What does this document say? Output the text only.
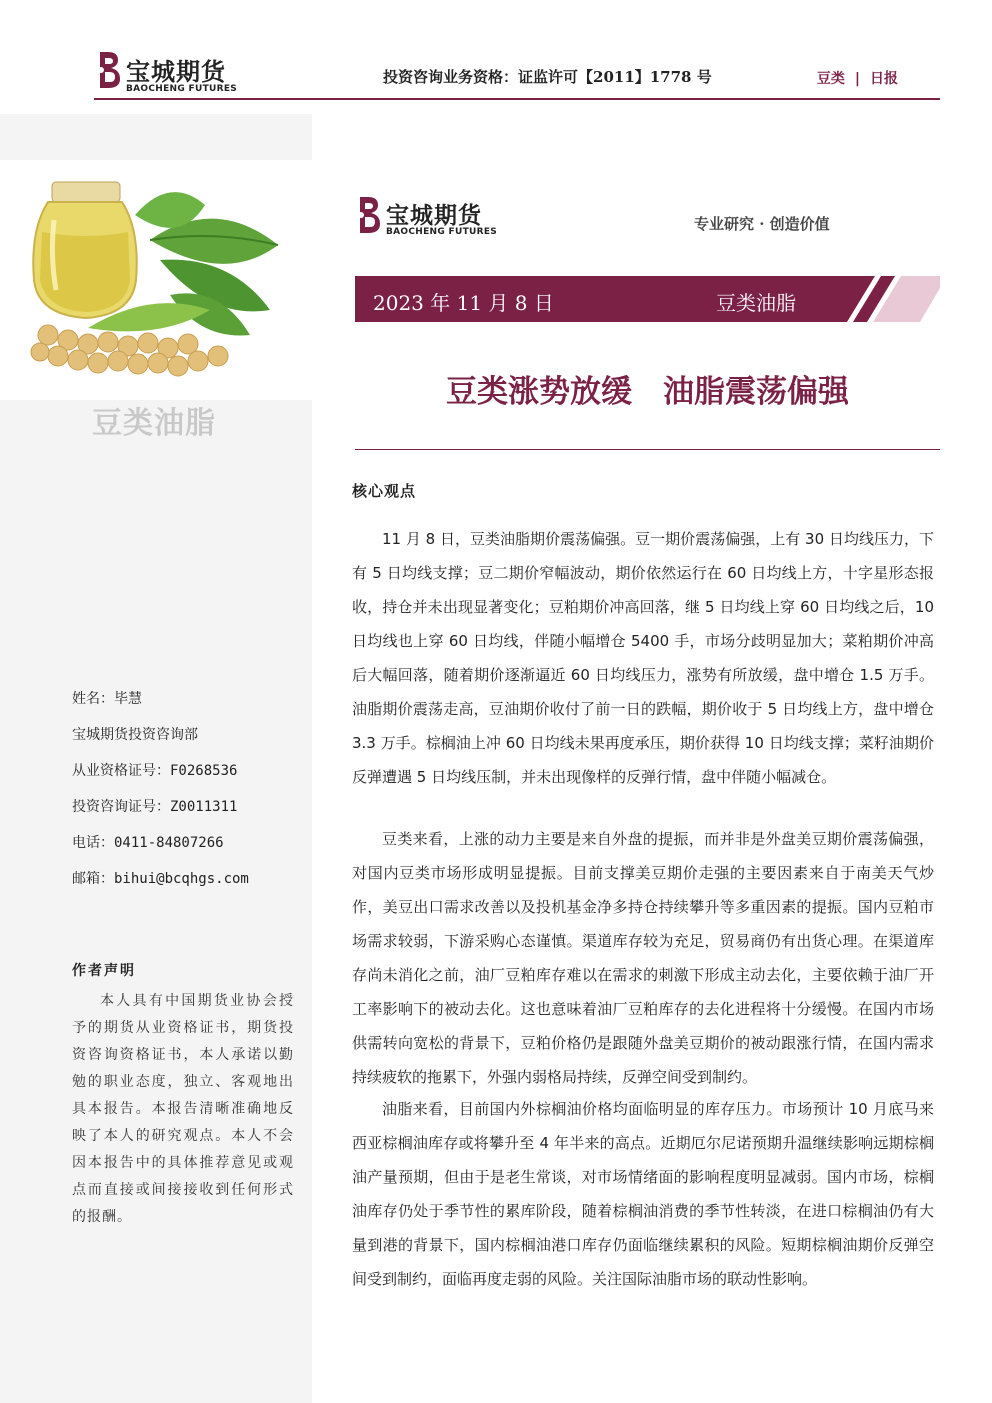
宝城期货
BAOCHENG FUTURES
投资咨询业务资格：证监许可【2011】1778 号	豆类 | 日报
豆类油脂
姓名：毕慧
宝城期货投资咨询部
从业资格证号：F0268536
投资咨询证号：Z0011311
电话：0411-84807266
邮箱：bihui@bcqhgs.com
作者声明
本人具有中国期货业协会授予的期货从业资格证书，期货投资咨询资格证书，本人承诺以勤勉的职业态度，独立、客观地出具本报告。本报告清晰准确地反映了本人的研究观点。本人不会因本报告中的具体推荐意见或观点而直接或间接接收到任何形式的报酬。
宝城期货
BAOCHENG FUTURES	专业研究 · 创造价值
2023 年 11 月 8 日	豆类油脂
豆类涨势放缓　油脂震荡偏强
核心观点

11 月 8 日，豆类油脂期价震荡偏强。豆一期价震荡偏强，上有 30 日均线压力，下有 5 日均线支撑；豆二期价窄幅波动，期价依然运行在 60 日均线上方，十字星形态报收，持仓并未出现显著变化；豆粕期价冲高回落，继 5 日均线上穿 60 日均线之后，10 日均线也上穿 60 日均线，伴随小幅增仓 5400 手，市场分歧明显加大；菜粕期价冲高后大幅回落，随着期价逐渐逼近 60 日均线压力，涨势有所放缓，盘中增仓 1.5 万手。油脂期价震荡走高，豆油期价收付了前一日的跌幅，期价收于 5 日均线上方，盘中增仓 3.3 万手。棕榈油上冲 60 日均线未果再度承压，期价获得 10 日均线支撑；菜籽油期价反弹遭遇 5 日均线压制，并未出现像样的反弹行情，盘中伴随小幅减仓。

豆类来看，上涨的动力主要是来自外盘的提振，而并非是外盘美豆期价震荡偏强，对国内豆类市场形成明显提振。目前支撑美豆期价走强的主要因素来自于南美天气炒作，美豆出口需求改善以及投机基金净多持仓持续攀升等多重因素的提振。国内豆粕市场需求较弱，下游采购心态谨慎。渠道库存较为充足，贸易商仍有出货心理。在渠道库存尚未消化之前，油厂豆粕库存难以在需求的刺激下形成主动去化，主要依赖于油厂开工率影响下的被动去化。这也意味着油厂豆粕库存的去化进程将十分缓慢。在国内市场供需转向宽松的背景下，豆粕价格仍是跟随外盘美豆期价的被动跟涨行情，在国内需求持续疲软的拖累下，外强内弱格局持续，反弹空间受到制约。

油脂来看，目前国内外棕榈油价格均面临明显的库存压力。市场预计 10 月底马来西亚棕榈油库存或将攀升至 4 年半来的高点。近期厄尔尼诺预期升温继续影响远期棕榈油产量预期，但由于是老生常谈，对市场情绪面的影响程度明显减弱。国内市场，棕榈油库存仍处于季节性的累库阶段，随着棕榈油消费的季节性转淡，在进口棕榈油仍有大量到港的背景下，国内棕榈油港口库存仍面临继续累积的风险。短期棕榈油期价反弹空间受到制约，面临再度走弱的风险。关注国际油脂市场的联动性影响。
